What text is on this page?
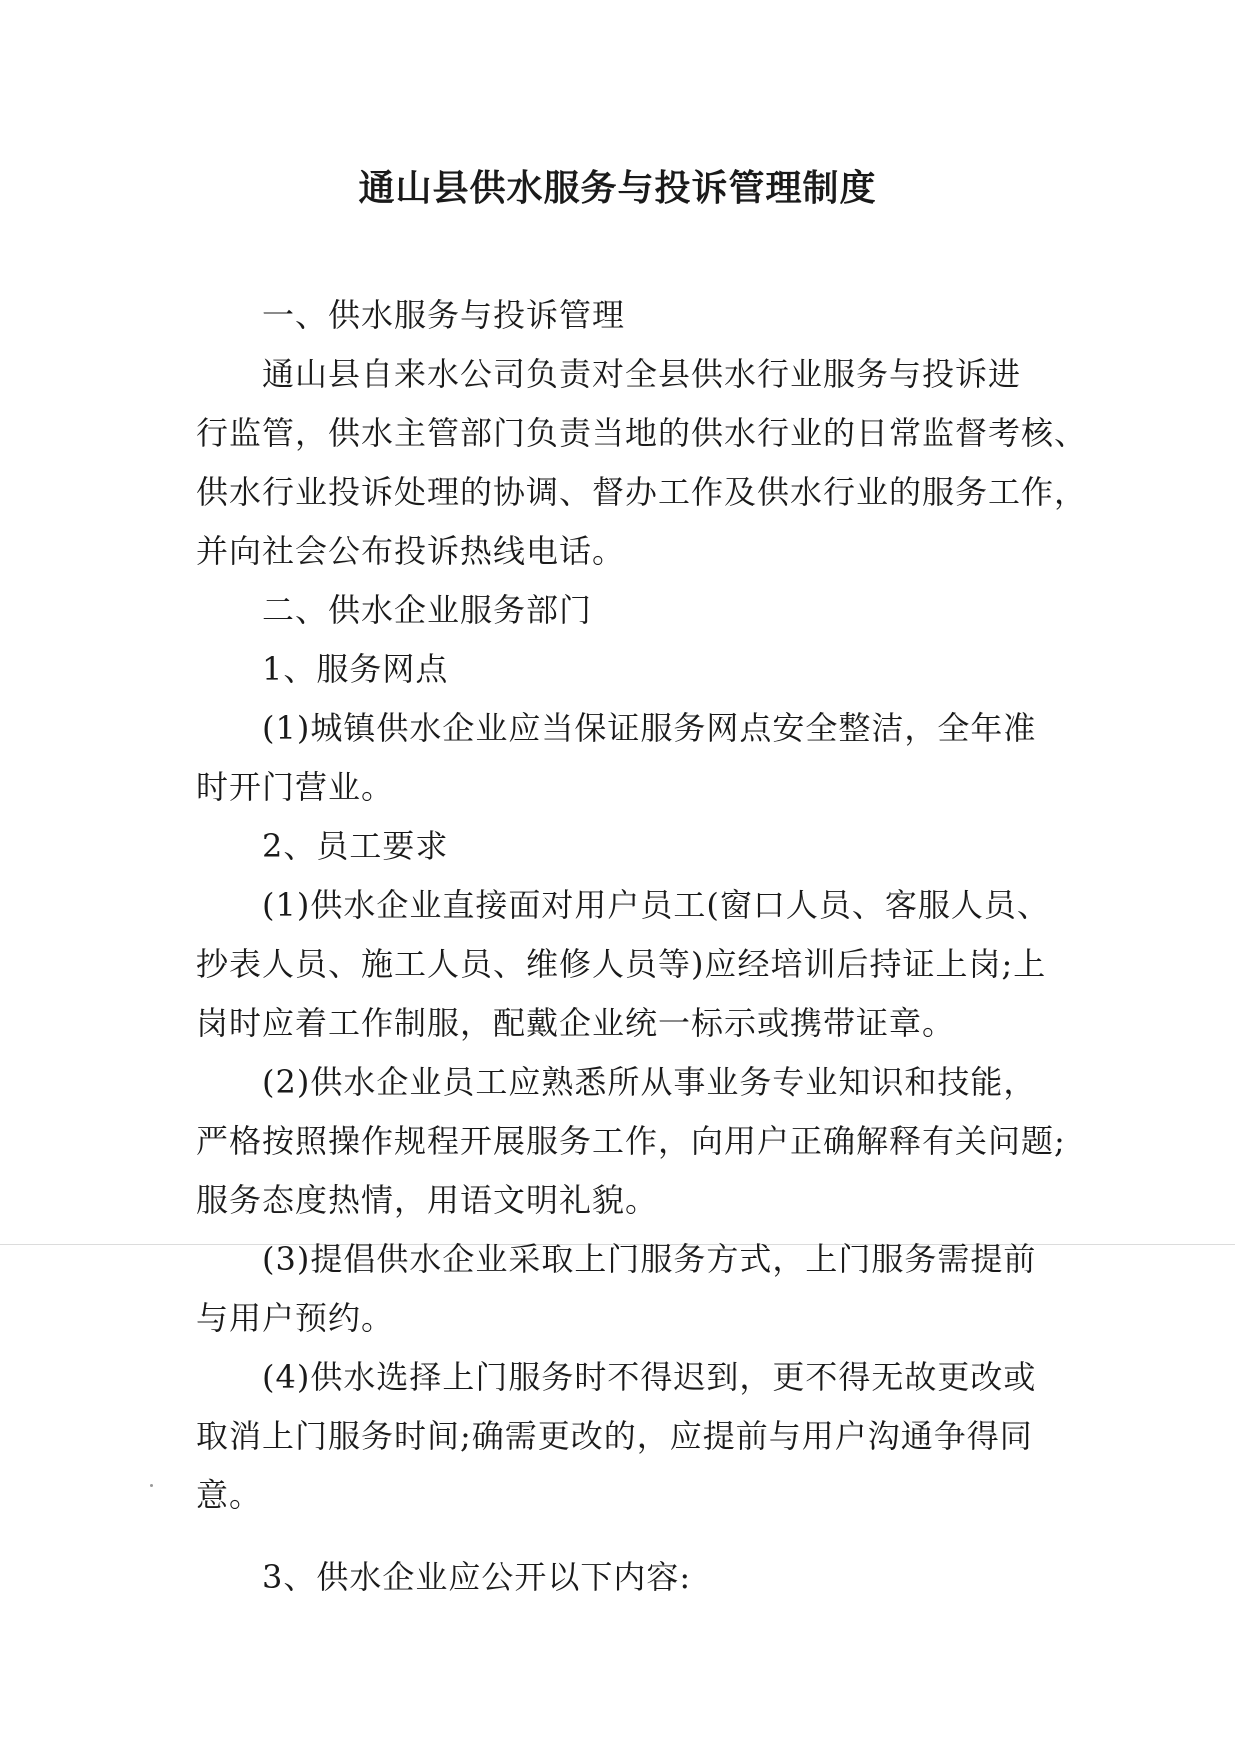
通山县供水服务与投诉管理制度
一、供水服务与投诉管理
通山县自来水公司负责对全县供水行业服务与投诉进
行监管，供水主管部门负责当地的供水行业的日常监督考核、
供水行业投诉处理的协调、督办工作及供水行业的服务工作，
并向社会公布投诉热线电话。
二、供水企业服务部门
1、服务网点
(1)城镇供水企业应当保证服务网点安全整洁，全年准
时开门营业。
2、员工要求
(1)供水企业直接面对用户员工(窗口人员、客服人员、
抄表人员、施工人员、维修人员等)应经培训后持证上岗;上
岗时应着工作制服，配戴企业统一标示或携带证章。
(2)供水企业员工应熟悉所从事业务专业知识和技能，
严格按照操作规程开展服务工作，向用户正确解释有关问题;
服务态度热情，用语文明礼貌。
(3)提倡供水企业采取上门服务方式，上门服务需提前
与用户预约。
(4)供水选择上门服务时不得迟到，更不得无故更改或
取消上门服务时间;确需更改的，应提前与用户沟通争得同
意。
3、供水企业应公开以下内容:
